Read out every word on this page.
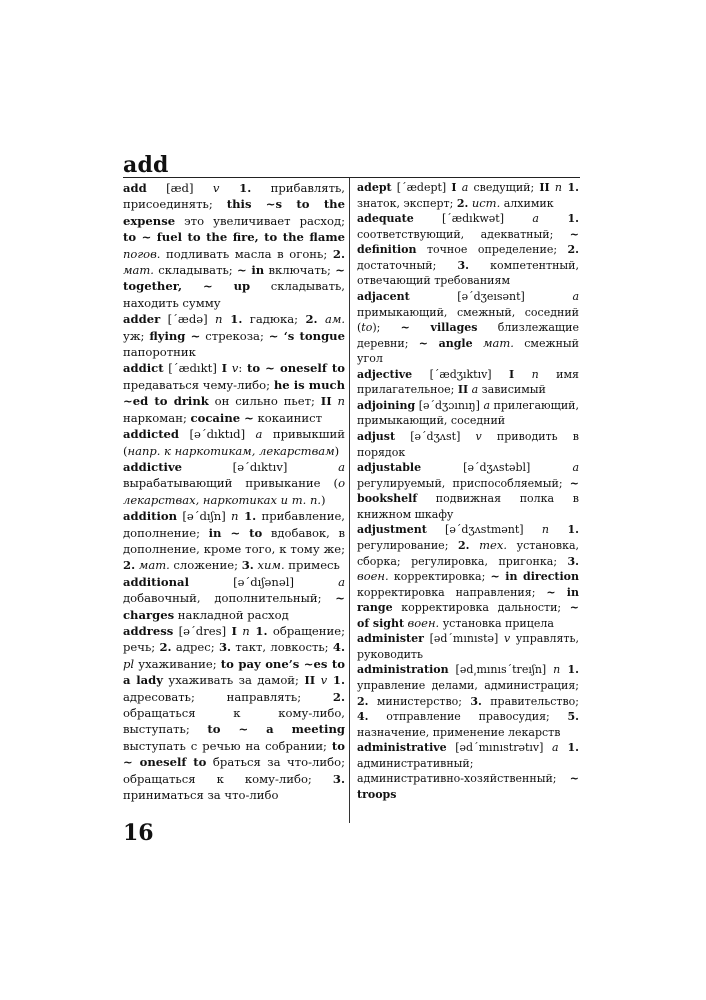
add

add [æd] v 1. прибавлять, присоединять; this ~s to the expense это увеличивает расход; to ~ fuel to the fire, to the flame погов. подливать масла в огонь; 2. мат. складывать; ~ in включать; ~ together, ~ up складывать, находить сумму

adder [΄ædə] n 1. гадюка; 2. ам. уж; flying ~ стрекоза; ~ ‘s tongue папоротник

addict [΄ædıkt] I v: to ~ oneself to предаваться чему-либо; he is much ~ed to drink он сильно пьет; II n наркоман; cocaine ~ кокаинист

addicted [ə΄dıktıd] a привыкший (напр. к наркотикам, лекарствам)

addictive [ə΄dıktıv] a вырабатывающий привыкание (о лекарствах, наркотиках и т. п.)

addition [ə΄dıʃn] n 1. прибавление, дополнение; in ~ to вдобавок, в дополнение, кроме того, к тому же; 2. мат. сложение; 3. хим. примесь

additional [ə΄dıʃənəl] a добавочный, дополнительный; ~ charges накладной расход

address [ə΄dres] I n 1. обращение; речь; 2. адрес; 3. такт, ловкость; 4. pl ухаживание; to pay one’s ~es to a lady ухаживать за дамой; II v 1. адресовать; направлять; 2. обращаться к кому-либо, выступать; to ~ a meeting выступать с речью на собрании; to ~ oneself to браться за что-либо; обращаться к кому-либо; 3. приниматься за что-либо

adept [΄ædept] I a сведущий; II n 1. знаток, эксперт; 2. ист. алхимик

adequate [΄ædıkwət] a 1. соответствующий, адекватный; ~ definition точное определение; 2. достаточный; 3. компетентный, отвечающий требованиям

adjacent [ə΄dʒeısənt] a примыкающий, смежный, соседний (to); ~ villages близлежащие деревни; ~ angle мат. смежный угол

adjective [΄ædʒıktıv] I n имя прилагательное; II a зависимый

adjoining [ə΄dʒɔınıŋ] a прилегающий, примыкающий, соседний

adjust [ə΄dʒʌst] v приводить в порядок

adjustable [ə΄dʒʌstəbl] a регулируемый, приспособляемый; ~ bookshelf подвижная полка в книжном шкафу

adjustment [ə΄dʒʌstmənt] n 1. регулирование; 2. тех. установка, сборка; регулировка, пригонка; 3. воен. корректировка; ~ in direction корректировка направления; ~ in range корректировка дальности; ~ of sight воен. установка прицела

administer [əd΄mınıstə] v управлять, руководить

administration [əd͵mınıs΄treıʃn] n 1. управление делами, администрация; 2. министерство; 3. правительство; 4. отправление правосудия; 5. назначение, применение лекарств

administrative [əd΄mınıstrətıv] a 1. административный; административно-хозяйственный; ~ troops

16
